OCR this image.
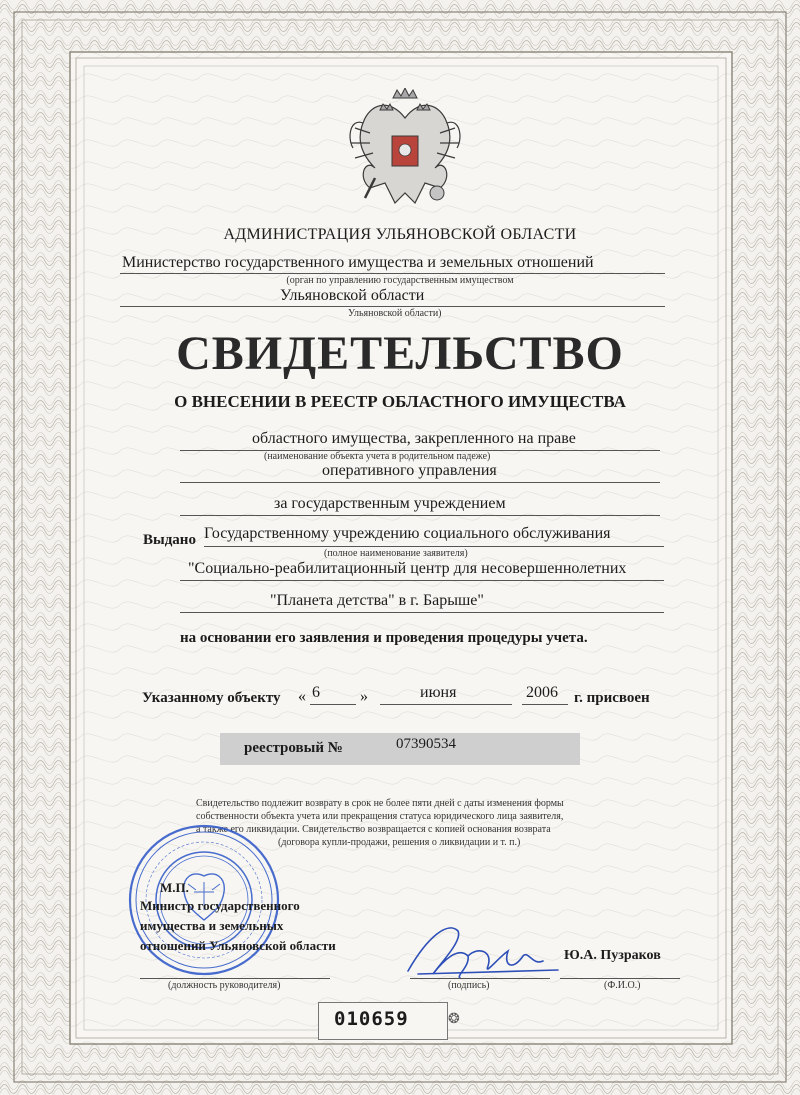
АДМИНИСТРАЦИЯ УЛЬЯНОВСКОЙ ОБЛАСТИ
Министерство государственного имущества и земельных отношений
(орган по управлению государственным имуществом
Ульяновской области
Ульяновской области)
СВИДЕТЕЛЬСТВО
О ВНЕСЕНИИ В РЕЕСТР ОБЛАСТНОГО ИМУЩЕСТВА
областного имущества, закрепленного на праве
(наименование объекта учета в родительном падеже)
оперативного управления
за государственным учреждением
Выдано Государственному учреждению социального обслуживания
(полное наименование заявителя)
"Социально-реабилитационный центр для несовершеннолетних
"Планета детства" в г. Барыше"
на основании его заявления и проведения процедуры учета.
Указанному объекту « 6	»	июня	2006 г. присвоен
реестровый №	07390534
Свидетельство подлежит возврату в срок не более пяти дней с даты изменения формы
собственности объекта учета или прекращения статуса юридического лица заявителя,
а также его ликвидации. Свидетельство возвращается с копией основания возврата
(договора купли-продажи, решения о ликвидации и т. п.)
М.П.
Министр государственного
имущества и земельных
отношений Ульяновской области
(должность руководителя)	(подпись)
Ю.А. Пузраков
(Ф.И.О.)
010659	❂
